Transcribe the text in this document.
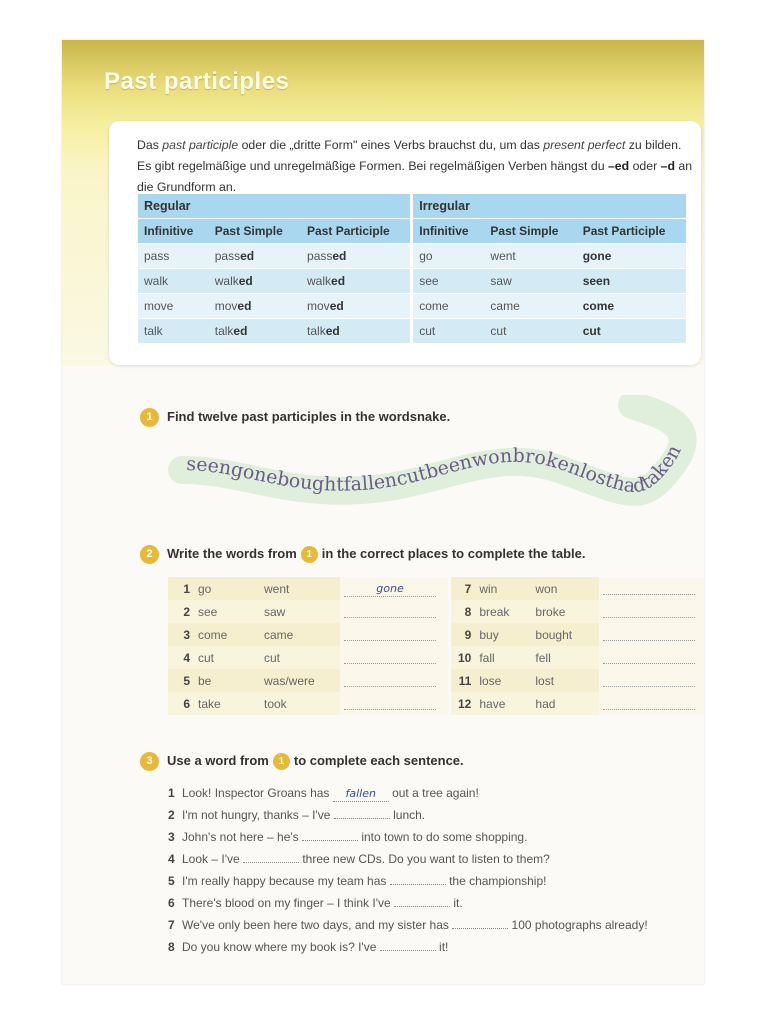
Past participles
Das past participle oder die „dritte Form" eines Verbs brauchst du, um das present perfect zu bilden. Es gibt regelmäßige und unregelmäßige Formen. Bei regelmäßigen Verben hängst du –ed oder –d an die Grundform an.
Regular			Irregular		
Infinitive	Past Simple	Past Participle	Infinitive	Past Simple	Past Participle
pass	passed	passed	go	went	gone
walk	walked	walked	see	saw	seen
move	moved	moved	come	came	come
talk	talked	talked	cut	cut	cut
1 Find twelve past participles in the wordsnake.
seengoneboughtfallencutbeenwonbrokenlosthadtaken
2 Write the words from 1 in the correct places to complete the table.
1	go	went	gone
2	see	saw	
3	come	came	
4	cut	cut	
5	be	was/were	
6	take	took	
7	win	won	
8	break	broke	
9	buy	bought	
10	fall	fell	
11	lose	lost	
12	have	had	
3 Use a word from 1 to complete each sentence.
1 Look! Inspector Groans has fallen out a tree again!
2 I'm not hungry, thanks – I've	lunch.
3 John's not here – he's	into town to do some shopping.
4 Look – I've	three new CDs. Do you want to listen to them?
5 I'm really happy because my team has	the championship!
6 There's blood on my finger – I think I've	it.
7 We've only been here two days, and my sister has	100 photographs already!
8 Do you know where my book is? I've	it!
